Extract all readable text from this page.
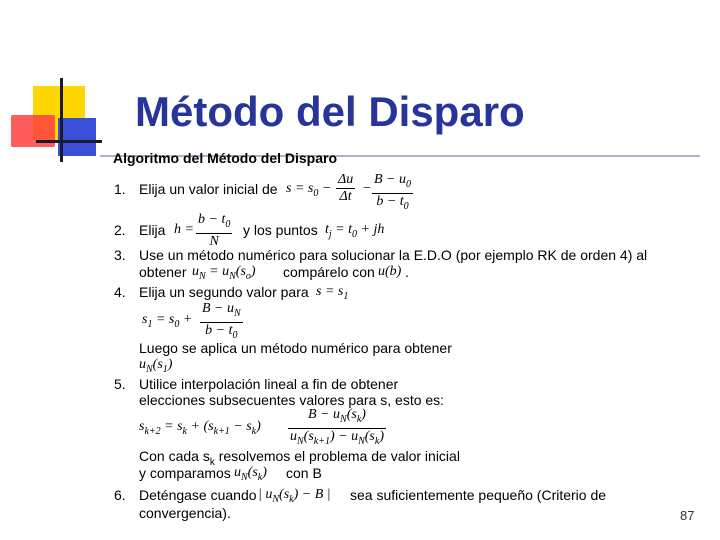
Método del Disparo
Algoritmo del Método del Disparo
1. Elija un valor inicial de $s = s_0 - \frac{\Delta u}{\Delta t} - \frac{B - u_0}{b - t_0}$
2. Elija $h = \frac{b - t_0}{N}$ y los puntos $t_j = t_0$ + jh
3. Use un método numérico para solucionar la E.D.O (por ejemplo RK de orden 4) al
obtener $u_N = u_N(s_o)$ compárelo con u(b) .
4. Elija un segundo valor para $s = s_1$
$s_1 = s_0 + \frac{B - u_N}{b - t_0}$
Luego se aplica un método numérico para obtener
$u_N(s_1)$
5. Utilice interpolación lineal a fin de obtener
elecciones subsecuentes valores para s, esto es:
$s_{k+2} = s_k + (s_{k+1} - s_k) \frac{B - u_N(s_k)}{u_N(s_{k+1}) - u_N(s_k)}$
Con cada $s_k$ resolvemos el problema de valor inicial
y comparamos $u_N(s_k)$ con B
6. Deténgase cuando | $u_N(s_k) - B$ | sea suficientemente pequeño (Criterio de
convergencia).	87
